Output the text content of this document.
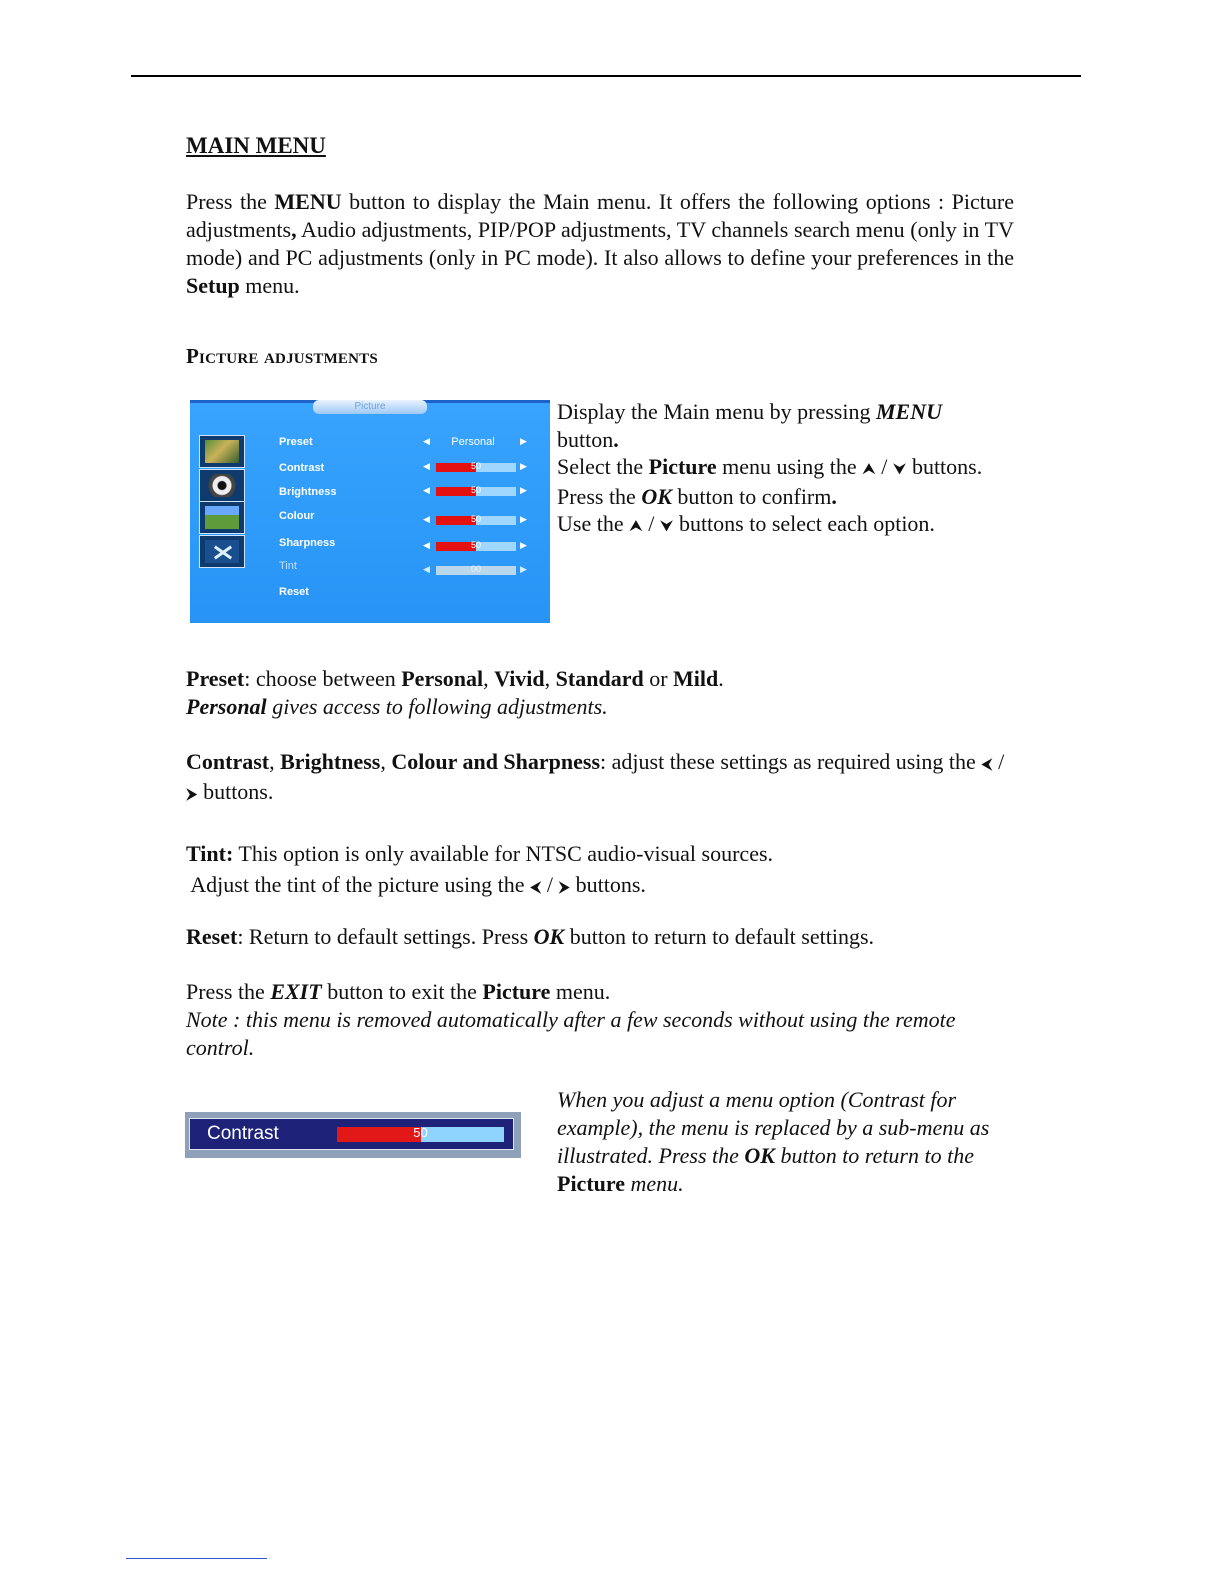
MAIN MENU
Press the MENU button to display the Main menu. It offers the following options : Picture adjustments, Audio adjustments, PIP/POP adjustments, TV channels search menu (only in TV mode) and PC adjustments (only in PC mode). It also allows to define your preferences in the Setup menu.
Picture adjustments
Picture
Preset	◀	Personal	▶
Contrast	◀	50	▶
Brightness	◀	50	▶
Colour	◀	50	▶
Sharpness	◀	50	▶
Tint	◀	00	▶
Reset
Display the Main menu by pressing MENU button.
Select the Picture menu using the ⮝ / ⮟ buttons.
Press the OK button to confirm.
Use the ⮝ / ⮟ buttons to select each option.
Preset: choose between Personal, Vivid, Standard or Mild.
Personal gives access to following adjustments.
Contrast, Brightness, Colour and Sharpness: adjust these settings as required using the ⮜ / ⮞ buttons.
Tint: This option is only available for NTSC audio-visual sources.
Adjust the tint of the picture using the ⮜ / ⮞ buttons.
Reset: Return to default settings. Press OK button to return to default settings.
Press the EXIT button to exit the Picture menu.
Note : this menu is removed automatically after a few seconds without using the remote control.
Contrast	50
When you adjust a menu option (Contrast for example), the menu is replaced by a sub-menu as illustrated. Press the OK button to return to the Picture menu.
